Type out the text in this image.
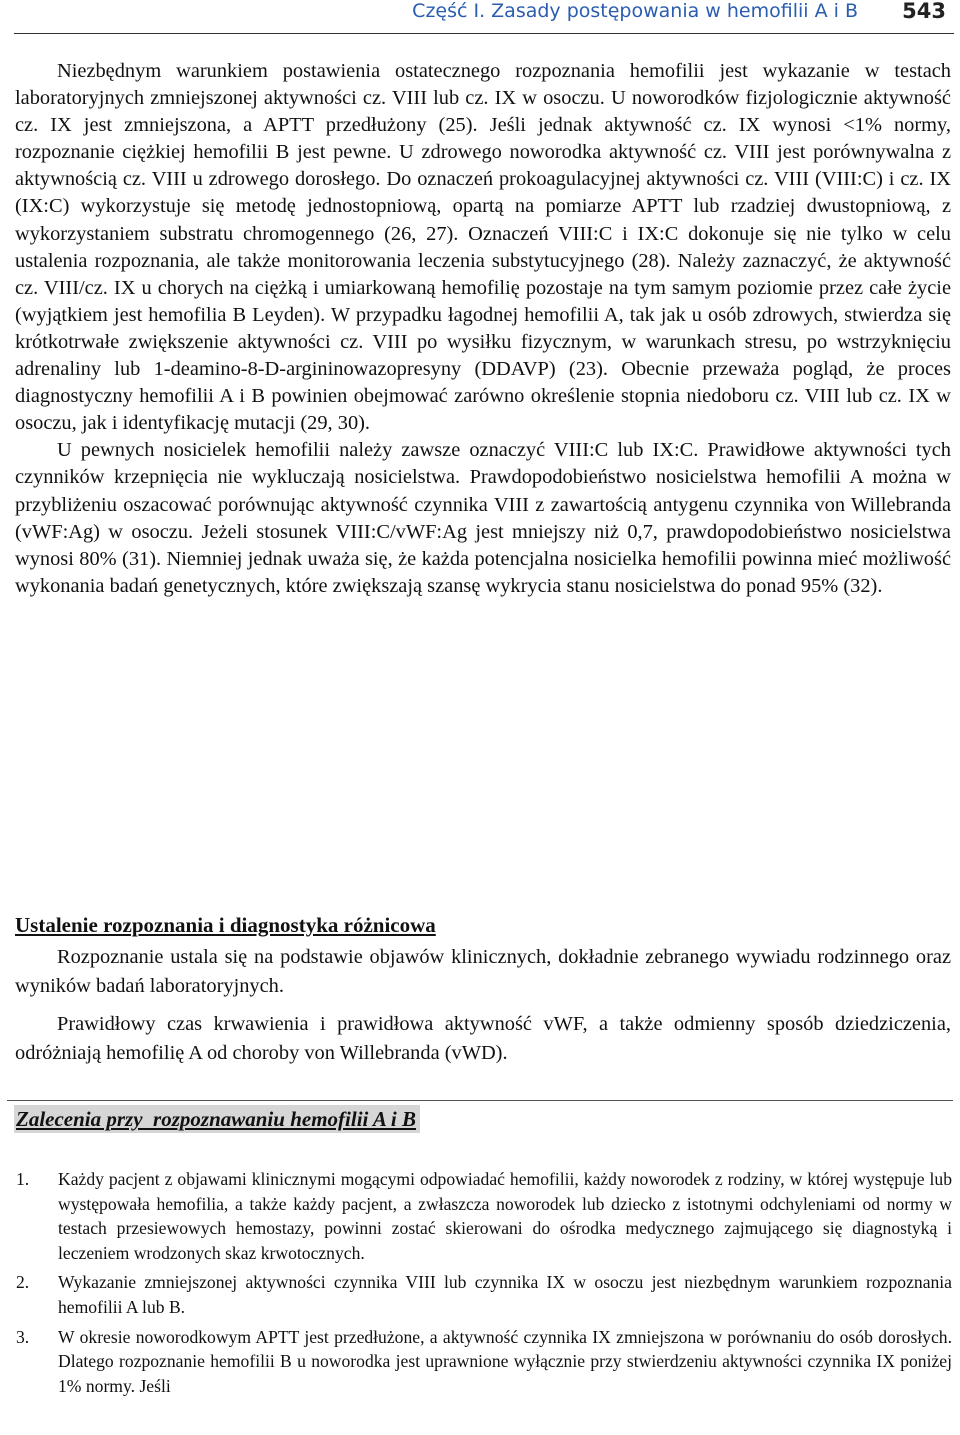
Część I. Zasady postępowania w hemofilii A i B 543

Niezbędnym warunkiem postawienia ostatecznego rozpoznania hemofilii jest wykazanie w testach laboratoryjnych zmniejszonej aktywności cz. VIII lub cz. IX w osoczu. U noworodków fizjologicznie aktywność cz. IX jest zmniejszona, a APTT przedłużony (25). Jeśli jednak aktywność cz. IX wynosi <1% normy, rozpoznanie ciężkiej hemofilii B jest pewne. U zdrowego noworodka aktywność cz. VIII jest porównywalna z aktywnością cz. VIII u zdrowego dorosłego. Do oznaczeń prokoagulacyjnej aktywności cz. VIII (VIII:C) i cz. IX (IX:C) wykorzystuje się metodę jednostopniową, opartą na pomiarze APTT lub rzadziej dwustopniową, z wykorzystaniem substratu chromogennego (26, 27). Oznaczeń VIII:C i IX:C dokonuje się nie tylko w celu ustalenia rozpoznania, ale także monitorowania leczenia substytucyjnego (28). Należy zaznaczyć, że aktywność cz. VIII/cz. IX u chorych na ciężką i umiarkowaną hemofilię pozostaje na tym samym poziomie przez całe życie (wyjątkiem jest hemofilia B Leyden). W przypadku łagodnej hemofilii A, tak jak u osób zdrowych, stwierdza się krótkotrwałe zwiększenie aktywności cz. VIII po wysiłku fizycznym, w warunkach stresu, po wstrzyknięciu adrenaliny lub 1-deamino-8-D-argininowazopresyny (DDAVP) (23). Obecnie przeważa pogląd, że proces diagnostyczny hemofilii A i B powinien obejmować zarówno określenie stopnia niedoboru cz. VIII lub cz. IX w osoczu, jak i identyfikację mutacji (29, 30).

U pewnych nosicielek hemofilii należy zawsze oznaczyć VIII:C lub IX:C. Prawidłowe aktywności tych czynników krzepnięcia nie wykluczają nosicielstwa. Prawdopodobieństwo nosicielstwa hemofilii A można w przybliżeniu oszacować porównując aktywność czynnika VIII z zawartością antygenu czynnika von Willebranda (vWF:Ag) w osoczu. Jeżeli stosunek VIII:C/vWF:Ag jest mniejszy niż 0,7, prawdopodobieństwo nosicielstwa wynosi 80% (31). Niemniej jednak uważa się, że każda potencjalna nosicielka hemofilii powinna mieć możliwość wykonania badań genetycznych, które zwiększają szansę wykrycia stanu nosicielstwa do ponad 95% (32).

Ustalenie rozpoznania i diagnostyka różnicowa

Rozpoznanie ustala się na podstawie objawów klinicznych, dokładnie zebranego wywiadu rodzinnego oraz wyników badań laboratoryjnych.

Prawidłowy czas krwawienia i prawidłowa aktywność vWF, a także odmienny sposób dziedziczenia, odróżniają hemofilię A od choroby von Willebranda (vWD).

Zalecenia przy  rozpoznawaniu hemofilii A i B
1. Każdy pacjent z objawami klinicznymi mogącymi odpowiadać hemofilii, każdy noworodek z rodziny, w której występuje lub występowała hemofilia, a także każdy pacjent, a zwłaszcza noworodek lub dziecko z istotnymi odchyleniami od normy w testach przesiewowych hemostazy, powinni zostać skierowani do ośrodka medycznego zajmującego się diagnostyką i leczeniem wrodzonych skaz krwotocznych.
2. Wykazanie zmniejszonej aktywności czynnika VIII lub czynnika IX w osoczu jest niezbędnym warunkiem rozpoznania hemofilii A lub B.
3. W okresie noworodkowym APTT jest przedłużone, a aktywność czynnika IX zmniejszona w porównaniu do osób dorosłych. Dlatego rozpoznanie hemofilii B u noworodka jest uprawnione wyłącznie przy stwierdzeniu aktywności czynnika IX poniżej 1% normy. Jeśli
